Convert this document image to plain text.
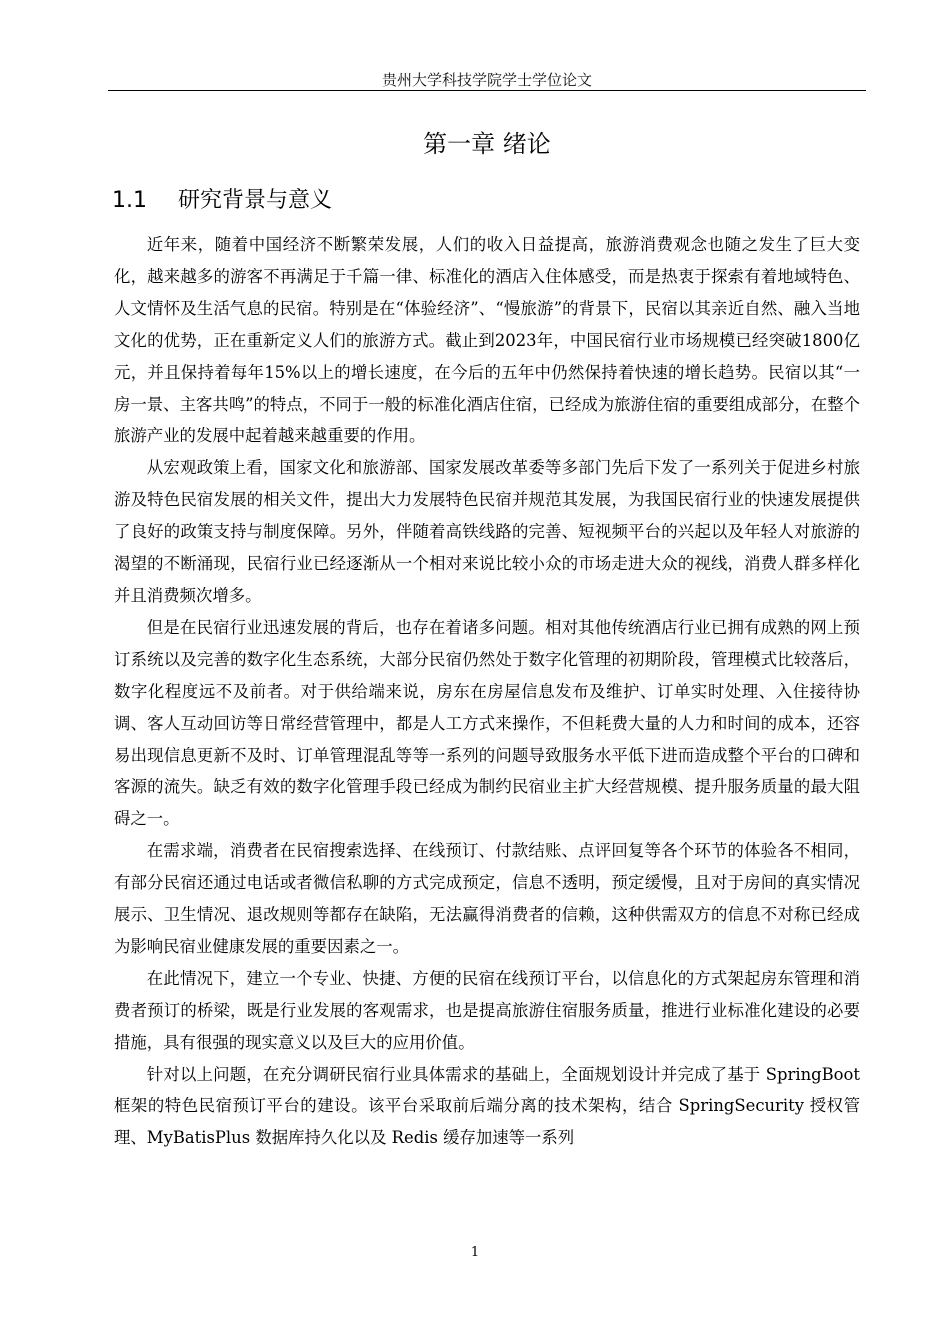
贵州大学科技学院学士学位论文
第一章 绪论
1.1 研究背景与意义

近年来，随着中国经济不断繁荣发展，人们的收入日益提高，旅游消费观念也随之发生了巨大变化，越来越多的游客不再满足于千篇一律、标准化的酒店入住体感受，而是热衷于探索有着地域特色、人文情怀及生活气息的民宿。特别是在“体验经济”、“慢旅游”的背景下，民宿以其亲近自然、融入当地文化的优势，正在重新定义人们的旅游方式。截止到2023年，中国民宿行业市场规模已经突破1800亿元，并且保持着每年15%以上的增长速度，在今后的五年中仍然保持着快速的增长趋势。民宿以其“一房一景、主客共鸣”的特点，不同于一般的标准化酒店住宿，已经成为旅游住宿的重要组成部分，在整个旅游产业的发展中起着越来越重要的作用。

从宏观政策上看，国家文化和旅游部、国家发展改革委等多部门先后下发了一系列关于促进乡村旅游及特色民宿发展的相关文件，提出大力发展特色民宿并规范其发展，为我国民宿行业的快速发展提供了良好的政策支持与制度保障。另外，伴随着高铁线路的完善、短视频平台的兴起以及年轻人对旅游的渴望的不断涌现，民宿行业已经逐渐从一个相对来说比较小众的市场走进大众的视线，消费人群多样化并且消费频次增多。

但是在民宿行业迅速发展的背后，也存在着诸多问题。相对其他传统酒店行业已拥有成熟的网上预订系统以及完善的数字化生态系统，大部分民宿仍然处于数字化管理的初期阶段，管理模式比较落后，数字化程度远不及前者。对于供给端来说，房东在房屋信息发布及维护、订单实时处理、入住接待协调、客人互动回访等日常经营管理中，都是人工方式来操作，不但耗费大量的人力和时间的成本，还容易出现信息更新不及时、订单管理混乱等等一系列的问题导致服务水平低下进而造成整个平台的口碑和客源的流失。缺乏有效的数字化管理手段已经成为制约民宿业主扩大经营规模、提升服务质量的最大阻碍之一。

在需求端，消费者在民宿搜索选择、在线预订、付款结账、点评回复等各个环节的体验各不相同，有部分民宿还通过电话或者微信私聊的方式完成预定，信息不透明，预定缓慢，且对于房间的真实情况展示、卫生情况、退改规则等都存在缺陷，无法赢得消费者的信赖，这种供需双方的信息不对称已经成为影响民宿业健康发展的重要因素之一。

在此情况下，建立一个专业、快捷、方便的民宿在线预订平台，以信息化的方式架起房东管理和消费者预订的桥梁，既是行业发展的客观需求，也是提高旅游住宿服务质量，推进行业标准化建设的必要措施，具有很强的现实意义以及巨大的应用价值。

针对以上问题，在充分调研民宿行业具体需求的基础上，全面规划设计并完成了基于 SpringBoot 框架的特色民宿预订平台的建设。该平台采取前后端分离的技术架构，结合 SpringSecurity 授权管理、MyBatisPlus 数据库持久化以及 Redis 缓存加速等一系列

1
